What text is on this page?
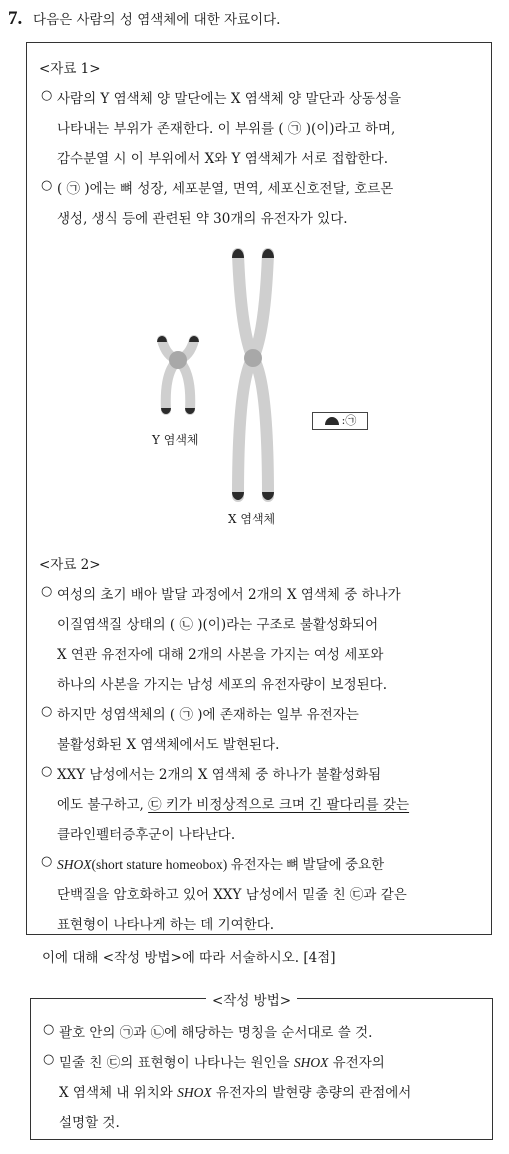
7. 다음은 사람의 성 염색체에 대한 자료이다.
<자료 1>
○ 사람의 Y 염색체 양 말단에는 X 염색체 양 말단과 상동성을
나타내는 부위가 존재한다. 이 부위를 ( ㉠ )(이)라고 하며,
감수분열 시 이 부위에서 X와 Y 염색체가 서로 접합한다.
○ ( ㉠ )에는 뼈 성장, 세포분열, 면역, 세포신호전달, 호르몬
생성, 생식 등에 관련된 약 30개의 유전자가 있다.
<자료 2>
○ 여성의 초기 배아 발달 과정에서 2개의 X 염색체 중 하나가
이질염색질 상태의 ( ㉡ )(이)라는 구조로 불활성화되어
X 연관 유전자에 대해 2개의 사본을 가지는 여성 세포와
하나의 사본을 가지는 남성 세포의 유전자량이 보정된다.
○ 하지만 성염색체의 ( ㉠ )에 존재하는 일부 유전자는
불활성화된 X 염색체에서도 발현된다.
○ XXY 남성에서는 2개의 X 염색체 중 하나가 불활성화됨
에도 불구하고, ㉢ 키가 비정상적으로 크며 긴 팔다리를 갖는
클라인펠터증후군이 나타난다.
○ SHOX(short stature homeobox) 유전자는 뼈 발달에 중요한
단백질을 암호화하고 있어 XXY 남성에서 밑줄 친 ㉢과 같은
표현형이 나타나게 하는 데 기여한다.
Y 염색체
X 염색체
:㉠
이에 대해 <작성 방법>에 따라 서술하시오. [4점]
<작성 방법>
○ 괄호 안의 ㉠과 ㉡에 해당하는 명칭을 순서대로 쓸 것.
○ 밑줄 친 ㉢의 표현형이 나타나는 원인을 SHOX 유전자의
X 염색체 내 위치와 SHOX 유전자의 발현량 총량의 관점에서
설명할 것.
